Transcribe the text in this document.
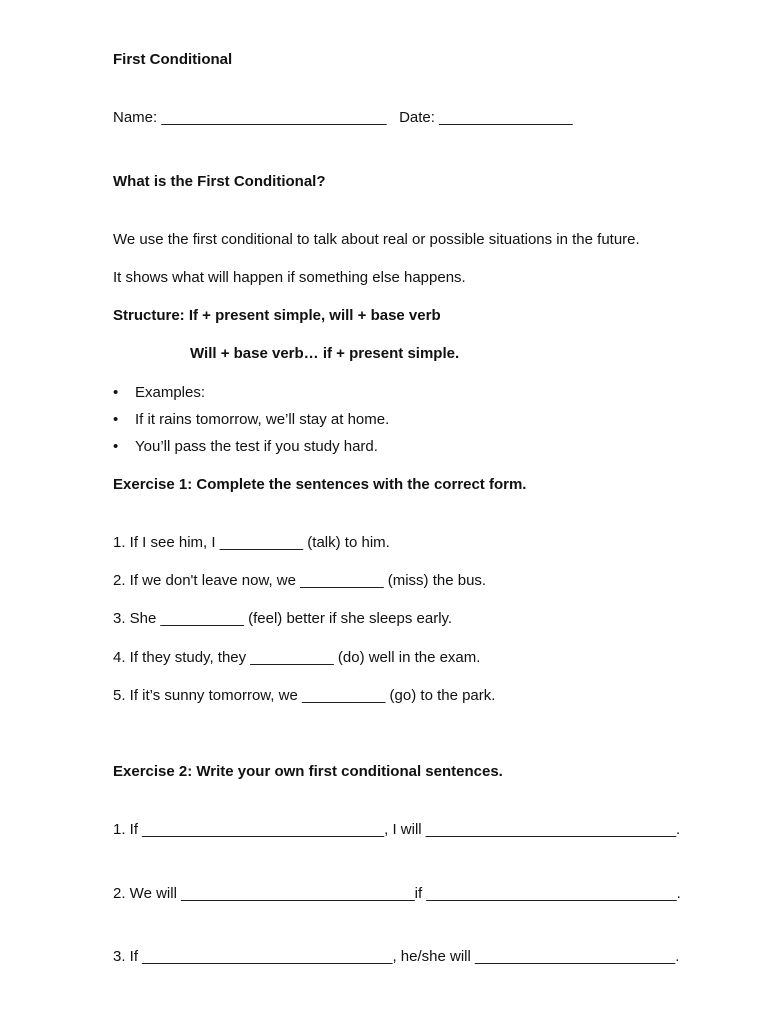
First Conditional
Name: ___________________________   Date: ________________
What is the First Conditional?
We use the first conditional to talk about real or possible situations in the future.
It shows what will happen if something else happens.
Structure: If + present simple, will + base verb
Will + base verb… if + present simple.
• Examples:
• If it rains tomorrow, we’ll stay at home.
• You’ll pass the test if you study hard.
Exercise 1: Complete the sentences with the correct form.
1. If I see him, I __________ (talk) to him.
2. If we don't leave now, we __________ (miss) the bus.
3. She __________ (feel) better if she sleeps early.
4. If they study, they __________ (do) well in the exam.
5. If it’s sunny tomorrow, we __________ (go) to the park.
Exercise 2: Write your own first conditional sentences.
1. If _____________________________, I will ______________________________.
2. We will ____________________________if ______________________________.
3. If ______________________________, he/she will ________________________.
